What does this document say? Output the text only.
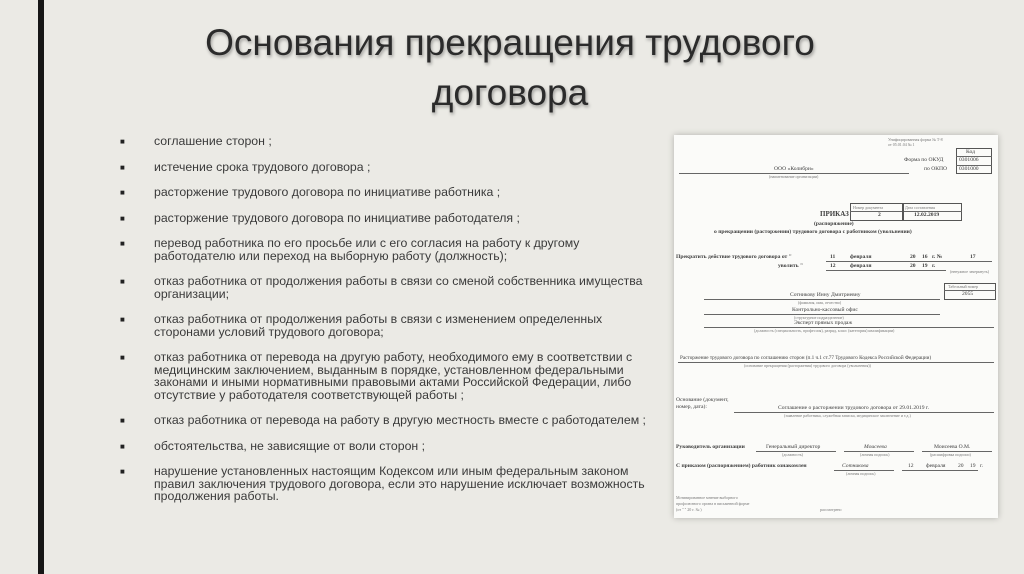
Основания прекращения трудового
договора
■ соглашение сторон ;
■ истечение срока трудового договора ;
■ расторжение трудового договора по инициативе работника ;
■ расторжение трудового договора по инициативе работодателя ;
■ перевод работника по его просьбе или с его согласия на работу к другому работодателю или переход на выборную работу (должность);
■ отказ работника от продолжения работы в связи со сменой собственника имущества организации;
■ отказ работника от продолжения работы в связи с изменением определенных сторонами условий трудового договора;
■ отказ работника от перевода на другую работу, необходимого ему в соответствии с медицинским заключением, выданным в порядке, установленном федеральными законами и иными нормативными правовыми актами Российской Федерации, либо отсутствие у работодателя соответствующей работы ;
■ отказ работника от перевода на работу в другую местность вместе с работодателем ;
■ обстоятельства, не зависящие от воли сторон ;
■ нарушение установленных настоящим Кодексом или иным федеральным законом правил заключения трудового договора, если это нарушение исключает возможность продолжения работы.
Унифицированная форма № Т-8
от 05.01.04 № 1
Код
Форма по ОКУД	0301006
по ОКПО 0301000
ООО «Колибри»
(наименование организации)
Номер документа	Дата составления
ПРИКАЗ	2	12.02.2019
(распоряжение)
о прекращении (расторжении) трудового договора с работником (увольнении)
Прекратить действие трудового договора от "	11	февраля	20 16 г. №	17
уволить "	12	февраля	20 19 г.
(ненужное зачеркнуть)
Табельный номер
2055
Сотникову Инну Дмитриевну
(фамилия, имя, отчество)
Контрольно-кассовый офис
(структурное подразделение)
Эксперт прямых продаж
(должность (специальность, профессия), разряд, класс (категория) квалификации)
Расторжение трудового договора по соглашению сторон (п.1 ч.1 ст.77 Трудового Кодекса Российской Федерации)
(основание прекращения (расторжения) трудового договора (увольнения))
Основание (документ,
номер, дата):	Соглашение о расторжении трудового договора от 29.01.2019 г.
(заявление работника, служебная записка, медицинское заключение и т.д.)
Руководитель организации	Генеральный директор	Моисеева	Моисеева О.М.
(должность)	(личная подпись)	(расшифровка подписи)
С приказом (распоряжением) работник ознакомлен	Сотникова	12 февраля 20 19 г.
(личная подпись)
Мотивированное мнение выборного
профсоюзного органа в письменной форме
(от " " 20 г. № )	рассмотрено
